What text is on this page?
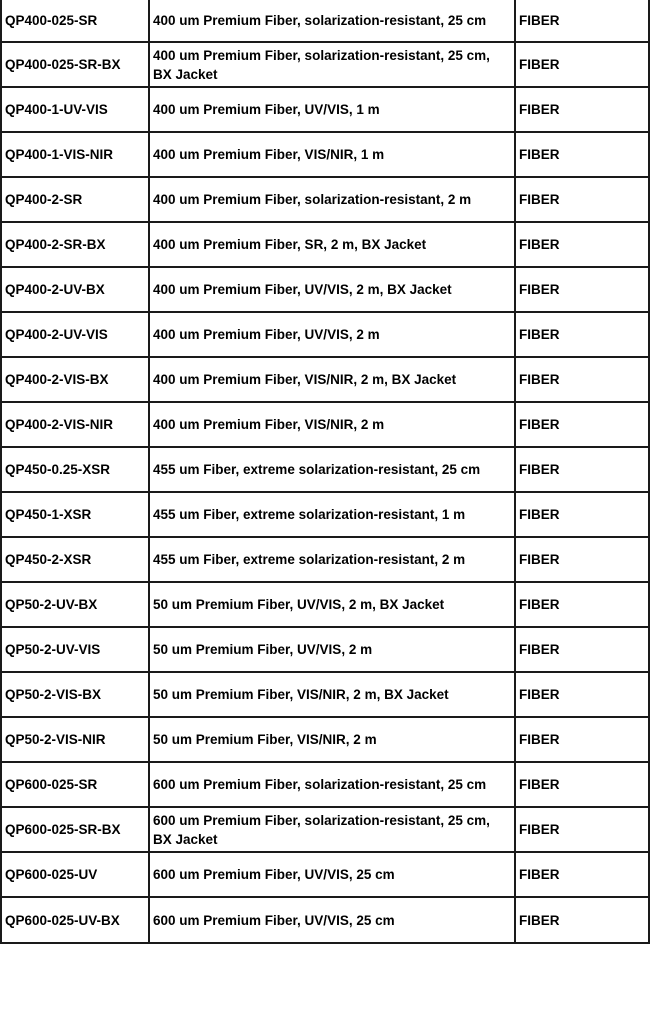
QP400-025-SR	400 um Premium Fiber, solarization-resistant, 25 cm	FIBER
QP400-025-SR-BX	400 um Premium Fiber, solarization-resistant, 25 cm, BX Jacket	FIBER
QP400-1-UV-VIS	400 um Premium Fiber, UV/VIS, 1 m	FIBER
QP400-1-VIS-NIR	400 um Premium Fiber, VIS/NIR, 1 m	FIBER
QP400-2-SR	400 um Premium Fiber, solarization-resistant, 2 m	FIBER
QP400-2-SR-BX	400 um Premium Fiber, SR, 2 m, BX Jacket	FIBER
QP400-2-UV-BX	400 um Premium Fiber, UV/VIS, 2 m, BX Jacket	FIBER
QP400-2-UV-VIS	400 um Premium Fiber, UV/VIS, 2 m	FIBER
QP400-2-VIS-BX	400 um Premium Fiber, VIS/NIR, 2 m, BX Jacket	FIBER
QP400-2-VIS-NIR	400 um Premium Fiber, VIS/NIR, 2 m	FIBER
QP450-0.25-XSR	455 um Fiber, extreme solarization-resistant, 25 cm	FIBER
QP450-1-XSR	455 um Fiber, extreme solarization-resistant, 1 m	FIBER
QP450-2-XSR	455 um Fiber, extreme solarization-resistant, 2 m	FIBER
QP50-2-UV-BX	50 um Premium Fiber, UV/VIS, 2 m, BX Jacket	FIBER
QP50-2-UV-VIS	50 um Premium Fiber, UV/VIS, 2 m	FIBER
QP50-2-VIS-BX	50 um Premium Fiber, VIS/NIR, 2 m, BX Jacket	FIBER
QP50-2-VIS-NIR	50 um Premium Fiber, VIS/NIR, 2 m	FIBER
QP600-025-SR	600 um Premium Fiber, solarization-resistant, 25 cm	FIBER
QP600-025-SR-BX	600 um Premium Fiber, solarization-resistant, 25 cm, BX Jacket	FIBER
QP600-025-UV	600 um Premium Fiber, UV/VIS, 25 cm	FIBER
QP600-025-UV-BX	600 um Premium Fiber, UV/VIS, 25 cm	FIBER
